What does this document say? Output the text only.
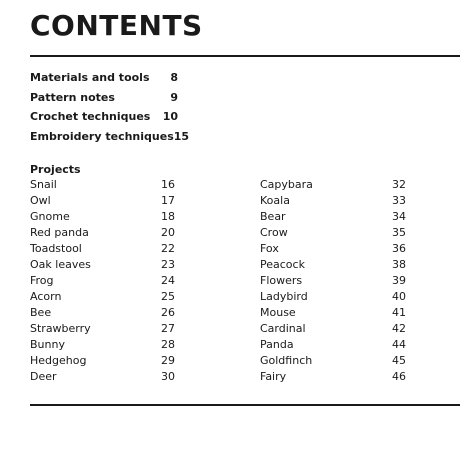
CONTENTS
Materials and tools 8
Pattern notes	9
Crochet techniques 10
Embroidery techniques 15
Projects
Snail	16
Owl	17
Gnome	18
Red panda	20
Toadstool	22
Oak leaves	23
Frog	24
Acorn	25
Bee	26
Strawberry	27
Bunny	28
Hedgehog	29
Deer	30
Capybara	32
Koala	33
Bear	34
Crow	35
Fox	36
Peacock	38
Flowers	39
Ladybird	40
Mouse	41
Cardinal	42
Panda	44
Goldfinch	45
Fairy	46
